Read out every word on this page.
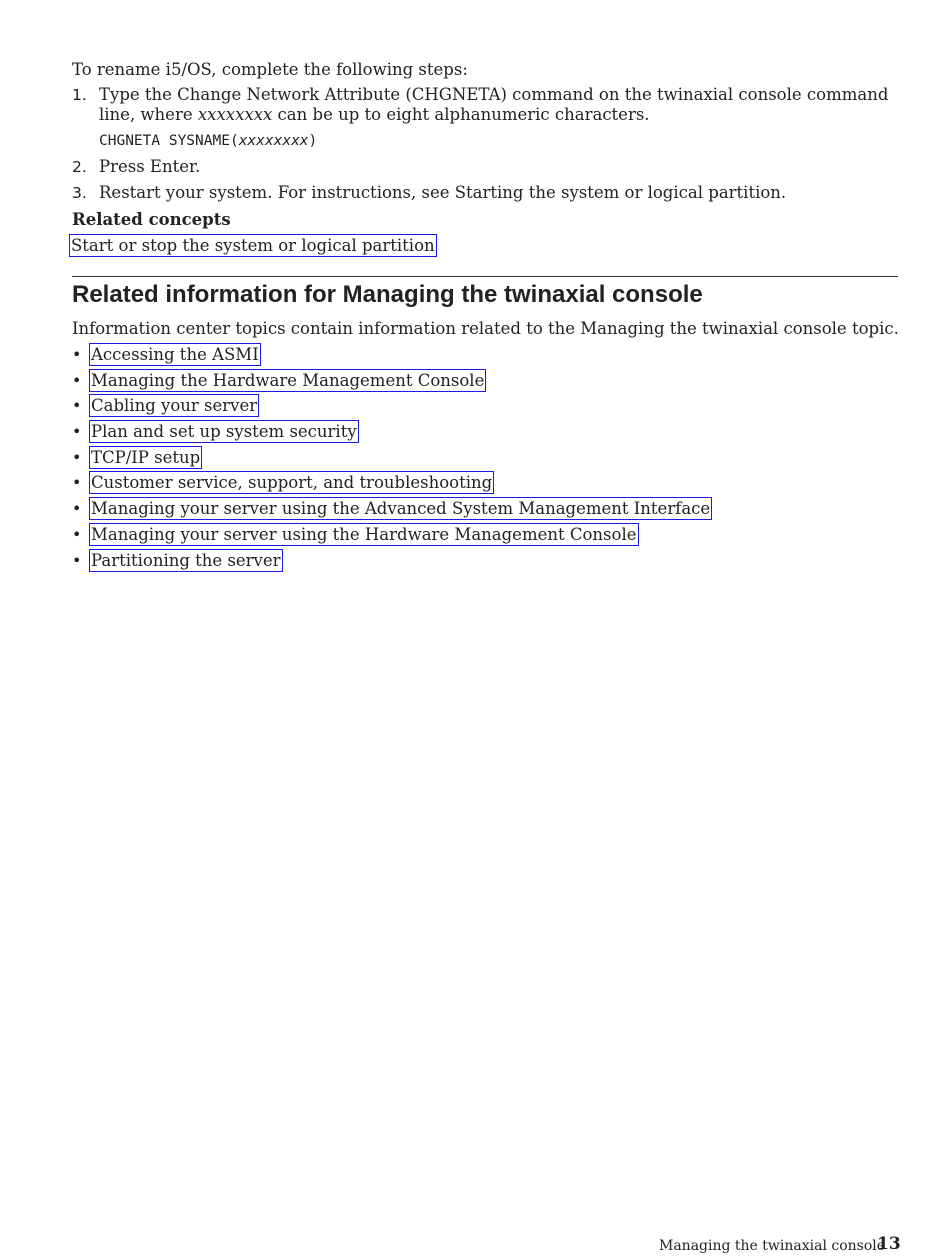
To rename i5/OS, complete the following steps:

1. Type the Change Network Attribute (CHGNETA) command on the twinaxial console command line, where xxxxxxxx can be up to eight alphanumeric characters.
CHGNETA SYSNAME(xxxxxxxx)
2. Press Enter.
3. Restart your system. For instructions, see Starting the system or logical partition.
Related concepts
Start or stop the system or logical partition
Related information for Managing the twinaxial console

Information center topics contain information related to the Managing the twinaxial console topic.

• Accessing the ASMI
• Managing the Hardware Management Console
• Cabling your server
• Plan and set up system security
• TCP/IP setup
• Customer service, support, and troubleshooting
• Managing your server using the Advanced System Management Interface
• Managing your server using the Hardware Management Console
• Partitioning the server
Managing the twinaxial console
13
